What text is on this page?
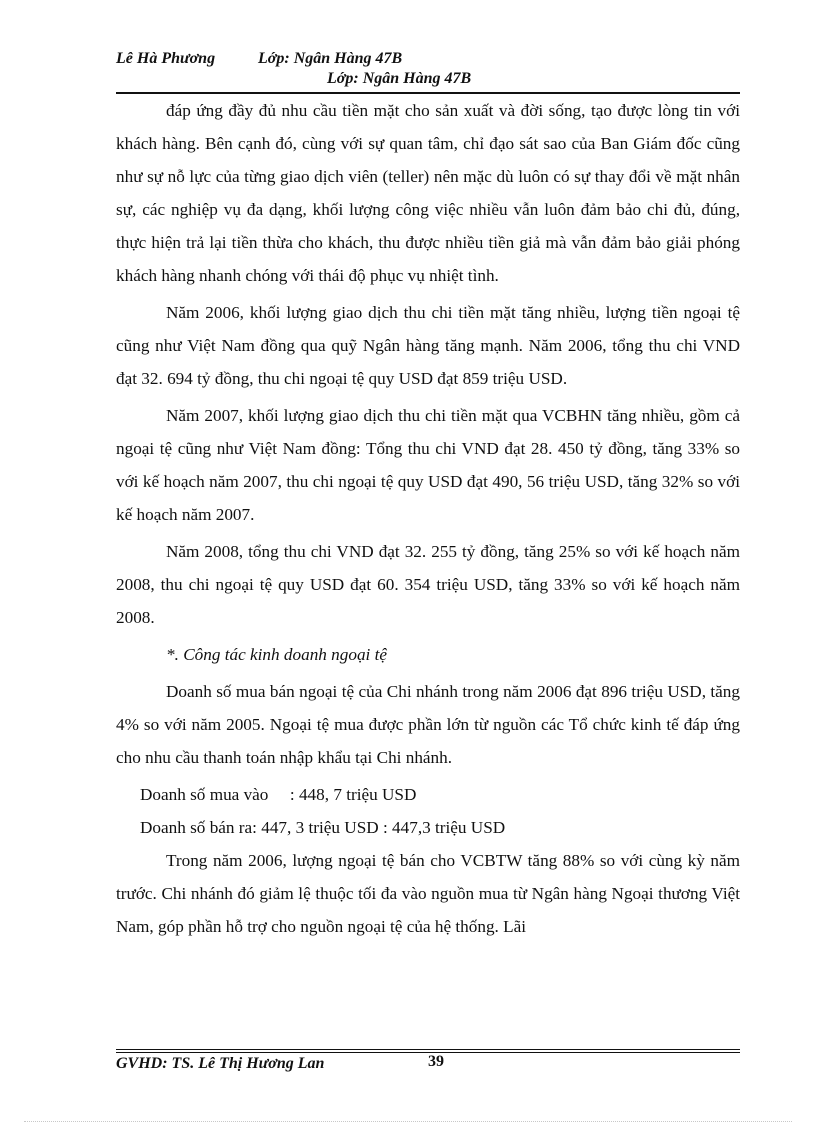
Lê Hà Phương	Lớp: Ngân Hàng 47B
Lớp: Ngân Hàng 47B

đáp ứng đầy đủ nhu cầu tiền mặt cho sản xuất và đời sống, tạo được lòng tin với khách hàng. Bên cạnh đó, cùng với sự quan tâm, chỉ đạo sát sao của Ban Giám đốc cũng như sự nỗ lực của từng giao dịch viên (teller) nên mặc dù luôn có sự thay đổi về mặt nhân sự, các nghiệp vụ đa dạng, khối lượng công việc nhiều vẫn luôn đảm bảo chi đủ, đúng, thực hiện trả lại tiền thừa cho khách, thu được nhiều tiền giả mà vẫn đảm bảo giải phóng khách hàng nhanh chóng với thái độ phục vụ nhiệt tình.

Năm 2006, khối lượng giao dịch thu chi tiền mặt tăng nhiều, lượng tiền ngoại tệ cũng như Việt Nam đồng qua quỹ Ngân hàng tăng mạnh. Năm 2006, tổng thu chi VND đạt 32. 694 tỷ đồng, thu chi ngoại tệ quy USD đạt 859 triệu USD.

Năm 2007, khối lượng giao dịch thu chi tiền mặt qua VCBHN tăng nhiều, gồm cả ngoại tệ cũng như Việt Nam đồng: Tổng thu chi VND đạt 28. 450 tỷ đồng, tăng 33% so với kế hoạch năm 2007, thu chi ngoại tệ quy USD đạt 490, 56 triệu USD, tăng 32% so với kế hoạch năm 2007.

Năm 2008, tổng thu chi VND đạt 32. 255 tỷ đồng, tăng 25% so với kế hoạch năm 2008, thu chi ngoại tệ quy USD đạt 60. 354 triệu USD, tăng 33% so với kế hoạch năm 2008.

*. Công tác kinh doanh ngoại tệ

Doanh số mua bán ngoại tệ của Chi nhánh trong năm 2006 đạt 896 triệu USD, tăng 4% so với năm 2005. Ngoại tệ mua được phần lớn từ nguồn các Tổ chức kinh tế đáp ứng cho nhu cầu thanh toán nhập khẩu tại Chi nhánh.

Doanh số mua vào     : 448, 7 triệu USD

Doanh số bán ra: 447, 3 triệu USD : 447,3 triệu USD

Trong năm 2006, lượng ngoại tệ bán cho VCBTW tăng 88% so với cùng kỳ năm trước. Chi nhánh đó giảm lệ thuộc tối đa vào nguồn mua từ Ngân hàng Ngoại thương Việt Nam, góp phần hỗ trợ cho nguồn ngoại tệ của hệ thống. Lãi

GVHD: TS. Lê Thị Hương Lan	39
